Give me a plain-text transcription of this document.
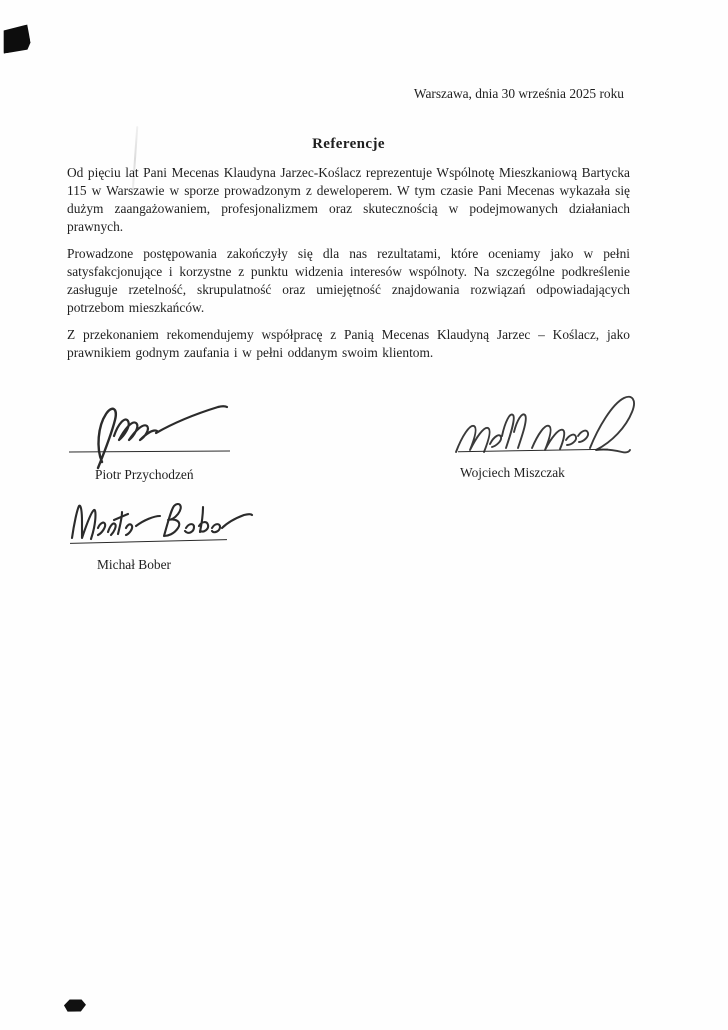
Warszawa, dnia 30 września 2025 roku
Referencje

Od pięciu lat Pani Mecenas Klaudyna Jarzec-Koślacz reprezentuje Wspólnotę Mieszkaniową Bartycka 115 w Warszawie w sporze prowadzonym z deweloperem. W tym czasie Pani Mecenas wykazała się dużym zaangażowaniem, profesjonalizmem oraz skutecznością w podejmowanych działaniach prawnych.

Prowadzone postępowania zakończyły się dla nas rezultatami, które oceniamy jako w pełni satysfakcjonujące i korzystne z punktu widzenia interesów wspólnoty. Na szczególne podkreślenie zasługuje rzetelność, skrupulatność oraz umiejętność znajdowania rozwiązań odpowiadających potrzebom mieszkańców.

Z przekonaniem rekomendujemy współpracę z Panią Mecenas Klaudyną Jarzec – Koślacz, jako prawnikiem godnym zaufania i w pełni oddanym swoim klientom.

Piotr Przychodzeń	Wojciech Miszczak
Michał Bober
